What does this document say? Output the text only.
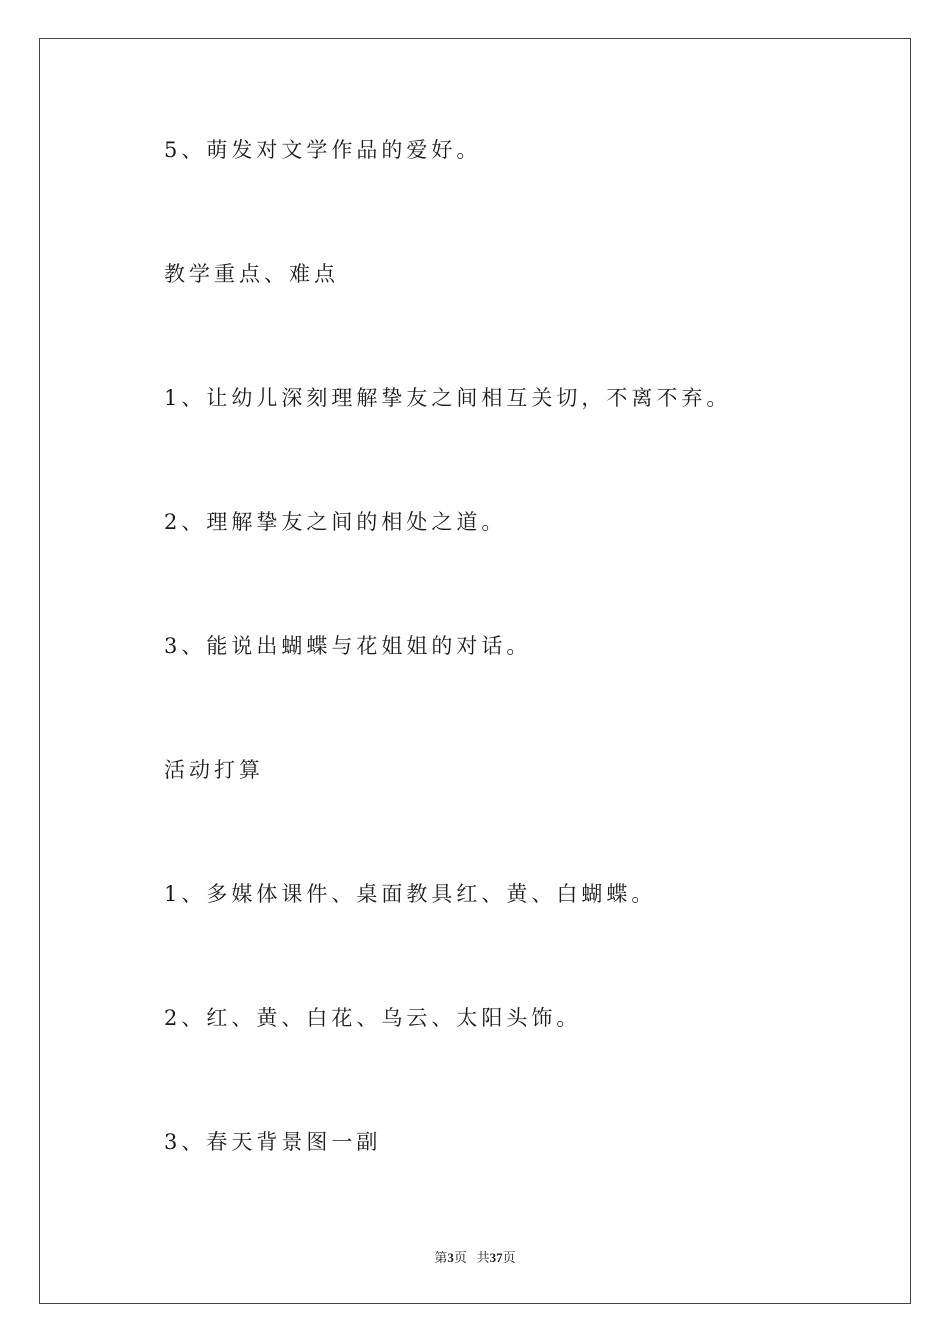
5、萌发对文学作品的爱好。
教学重点、难点
1、让幼儿深刻理解挚友之间相互关切，不离不弃。
2、理解挚友之间的相处之道。
3、能说出蝴蝶与花姐姐的对话。
活动打算
1、多媒体课件、桌面教具红、黄、白蝴蝶。
2、红、黄、白花、乌云、太阳头饰。
3、春天背景图一副
第3页 共37页
